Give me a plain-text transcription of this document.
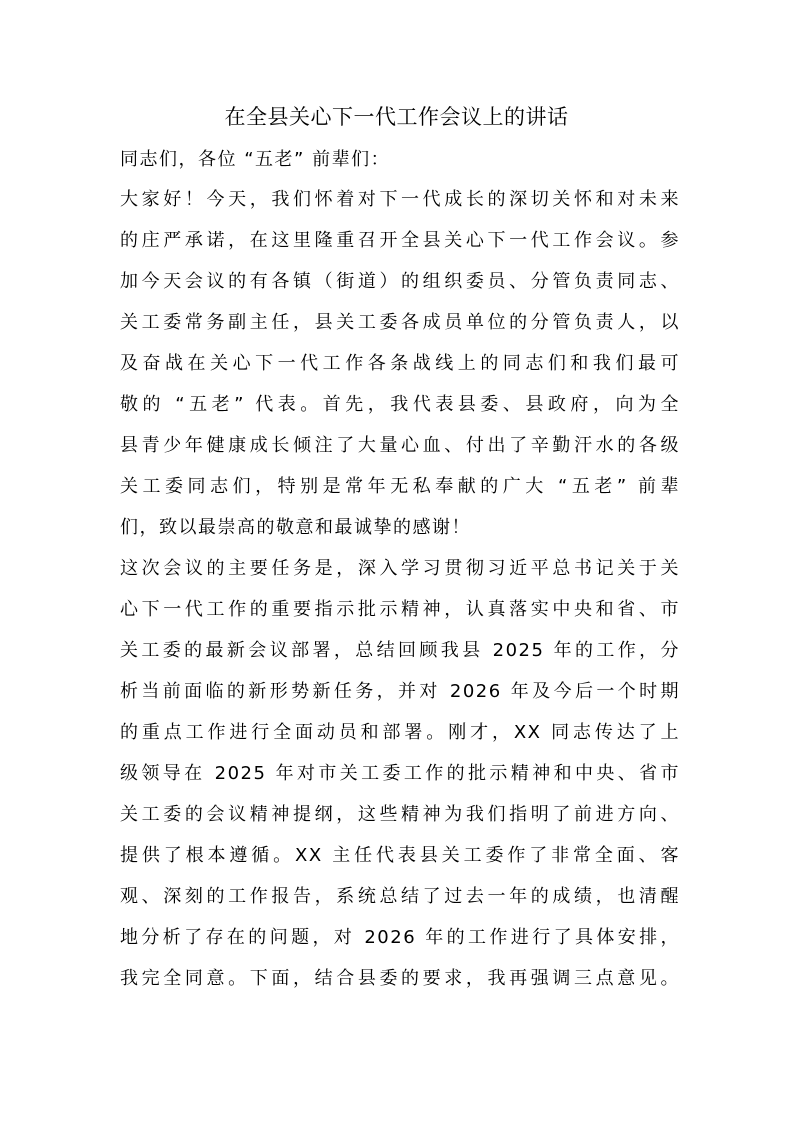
在全县关心下一代工作会议上的讲话
同志们，各位 “五老” 前辈们：
大家好！今天，我们怀着对下一代成长的深切关怀和对未来
的庄严承诺，在这里隆重召开全县关心下一代工作会议。参
加今天会议的有各镇（街道）的组织委员、分管负责同志、
关工委常务副主任，县关工委各成员单位的分管负责人，以
及奋战在关心下一代工作各条战线上的同志们和我们最可
敬的 “五老” 代表。首先，我代表县委、县政府，向为全
县青少年健康成长倾注了大量心血、付出了辛勤汗水的各级
关工委同志们，特别是常年无私奉献的广大 “五老” 前辈
们，致以最崇高的敬意和最诚挚的感谢！
这次会议的主要任务是，深入学习贯彻习近平总书记关于关
心下一代工作的重要指示批示精神，认真落实中央和省、市
关工委的最新会议部署，总结回顾我县 2025 年的工作，分
析当前面临的新形势新任务，并对 2026 年及今后一个时期
的重点工作进行全面动员和部署。刚才，XX 同志传达了上
级领导在 2025 年对市关工委工作的批示精神和中央、省市
关工委的会议精神提纲，这些精神为我们指明了前进方向、
提供了根本遵循。XX 主任代表县关工委作了非常全面、客
观、深刻的工作报告，系统总结了过去一年的成绩，也清醒
地分析了存在的问题，对 2026 年的工作进行了具体安排，
我完全同意。下面，结合县委的要求，我再强调三点意见。
